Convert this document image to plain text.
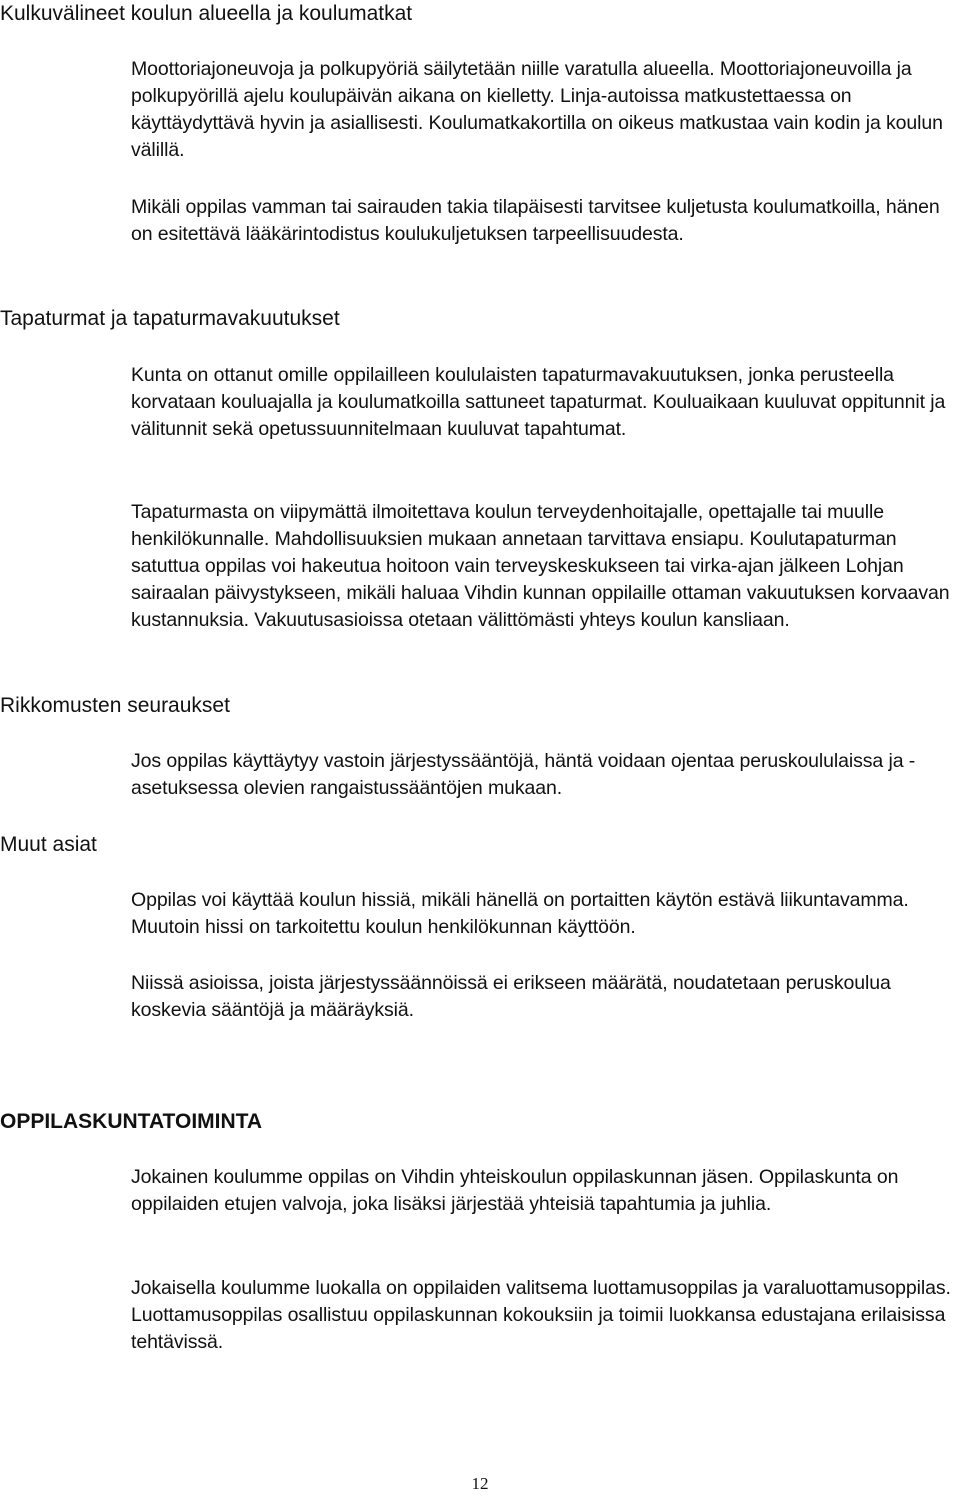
Kulkuvälineet koulun alueella ja koulumatkat

Moottoriajoneuvoja ja polkupyöriä säilytetään niille varatulla alueella. Moottoriajoneuvoilla ja polkupyörillä ajelu koulupäivän aikana on kielletty. Linja-autoissa matkustettaessa on käyttäydyttävä hyvin ja asiallisesti. Koulumatkakortilla on oikeus matkustaa vain kodin ja koulun välillä.

Mikäli oppilas vamman tai sairauden takia tilapäisesti tarvitsee kuljetusta koulumatkoilla, hänen on esitettävä lääkärintodistus koulukuljetuksen tarpeellisuudesta.

Tapaturmat ja tapaturmavakuutukset

Kunta on ottanut omille oppilailleen koululaisten tapaturmavakuutuksen, jonka perusteella korvataan kouluajalla ja koulumatkoilla sattuneet tapaturmat. Kouluaikaan kuuluvat oppitunnit ja välitunnit sekä opetussuunnitelmaan kuuluvat tapahtumat.

Tapaturmasta on viipymättä ilmoitettava koulun terveydenhoitajalle, opettajalle tai muulle henkilökunnalle. Mahdollisuuksien mukaan annetaan tarvittava ensiapu. Koulutapaturman satuttua oppilas voi hakeutua hoitoon vain terveyskeskukseen tai virka-ajan jälkeen Lohjan sairaalan päivystykseen, mikäli haluaa Vihdin kunnan oppilaille ottaman vakuutuksen korvaavan kustannuksia. Vakuutusasioissa otetaan välittömästi yhteys koulun kansliaan.

Rikkomusten seuraukset

Jos oppilas käyttäytyy vastoin järjestyssääntöjä, häntä voidaan ojentaa peruskoululaissa ja -asetuksessa olevien rangaistussääntöjen mukaan.

Muut asiat

Oppilas voi käyttää koulun hissiä, mikäli hänellä on portaitten käytön estävä liikuntavamma. Muutoin hissi on tarkoitettu koulun henkilökunnan käyttöön.

Niissä asioissa, joista järjestyssäännöissä ei erikseen määrätä, noudatetaan peruskoulua koskevia sääntöjä ja määräyksiä.

OPPILASKUNTATOIMINTA

Jokainen koulumme oppilas on Vihdin yhteiskoulun oppilaskunnan jäsen. Oppilaskunta on oppilaiden etujen valvoja, joka lisäksi järjestää yhteisiä tapahtumia ja juhlia.

Jokaisella koulumme luokalla on oppilaiden valitsema luottamusoppilas ja varaluottamusoppilas. Luottamusoppilas osallistuu oppilaskunnan kokouksiin ja toimii luokkansa edustajana erilaisissa tehtävissä.

12
